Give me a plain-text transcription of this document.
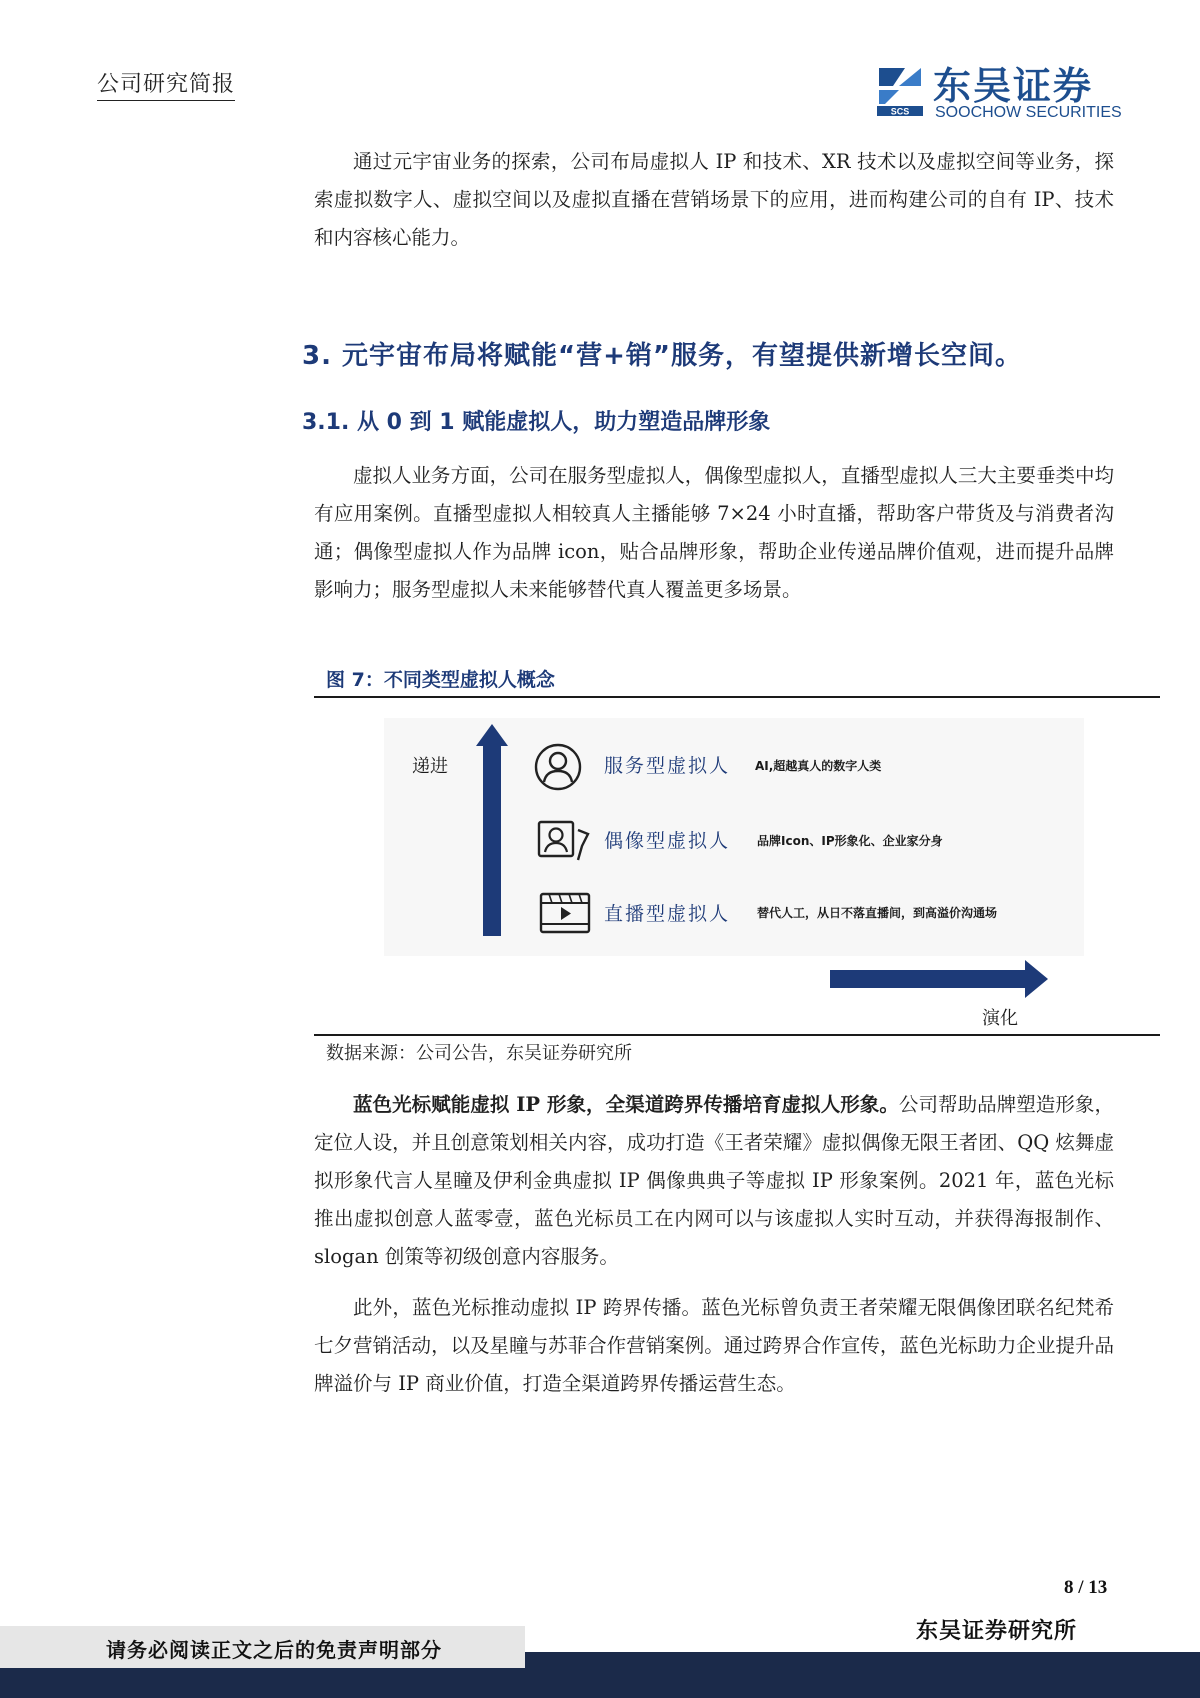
公司研究简报
SCS
东吴证券
SOOCHOW SECURITIES
通过元宇宙业务的探索，公司布局虚拟人 IP 和技术、XR 技术以及虚拟空间等业务，探索虚拟数字人、虚拟空间以及虚拟直播在营销场景下的应用，进而构建公司的自有 IP、技术和内容核心能力。
3. 元宇宙布局将赋能“营+销”服务，有望提供新增长空间。
3.1. 从 0 到 1 赋能虚拟人，助力塑造品牌形象
虚拟人业务方面，公司在服务型虚拟人，偶像型虚拟人，直播型虚拟人三大主要垂类中均有应用案例。直播型虚拟人相较真人主播能够 7×24 小时直播，帮助客户带货及与消费者沟通；偶像型虚拟人作为品牌 icon，贴合品牌形象，帮助企业传递品牌价值观，进而提升品牌影响力；服务型虚拟人未来能够替代真人覆盖更多场景。
图 7：不同类型虚拟人概念
递进	服务型虚拟人 AI,超越真人的数字人类
偶像型虚拟人 品牌Icon、IP形象化、企业家分身
直播型虚拟人 替代人工，从日不落直播间，到高溢价沟通场
演化
数据来源：公司公告，东吴证券研究所
蓝色光标赋能虚拟 IP 形象，全渠道跨界传播培育虚拟人形象。公司帮助品牌塑造形象，定位人设，并且创意策划相关内容，成功打造《王者荣耀》虚拟偶像无限王者团、QQ 炫舞虚拟形象代言人星瞳及伊利金典虚拟 IP 偶像典典子等虚拟 IP 形象案例。2021 年，蓝色光标推出虚拟创意人蓝零壹，蓝色光标员工在内网可以与该虚拟人实时互动，并获得海报制作、slogan 创策等初级创意内容服务。
此外，蓝色光标推动虚拟 IP 跨界传播。蓝色光标曾负责王者荣耀无限偶像团联名纪梵希七夕营销活动，以及星瞳与苏菲合作营销案例。通过跨界合作宣传，蓝色光标助力企业提升品牌溢价与 IP 商业价值，打造全渠道跨界传播运营生态。
8 / 13
请务必阅读正文之后的免责声明部分
东吴证券研究所
